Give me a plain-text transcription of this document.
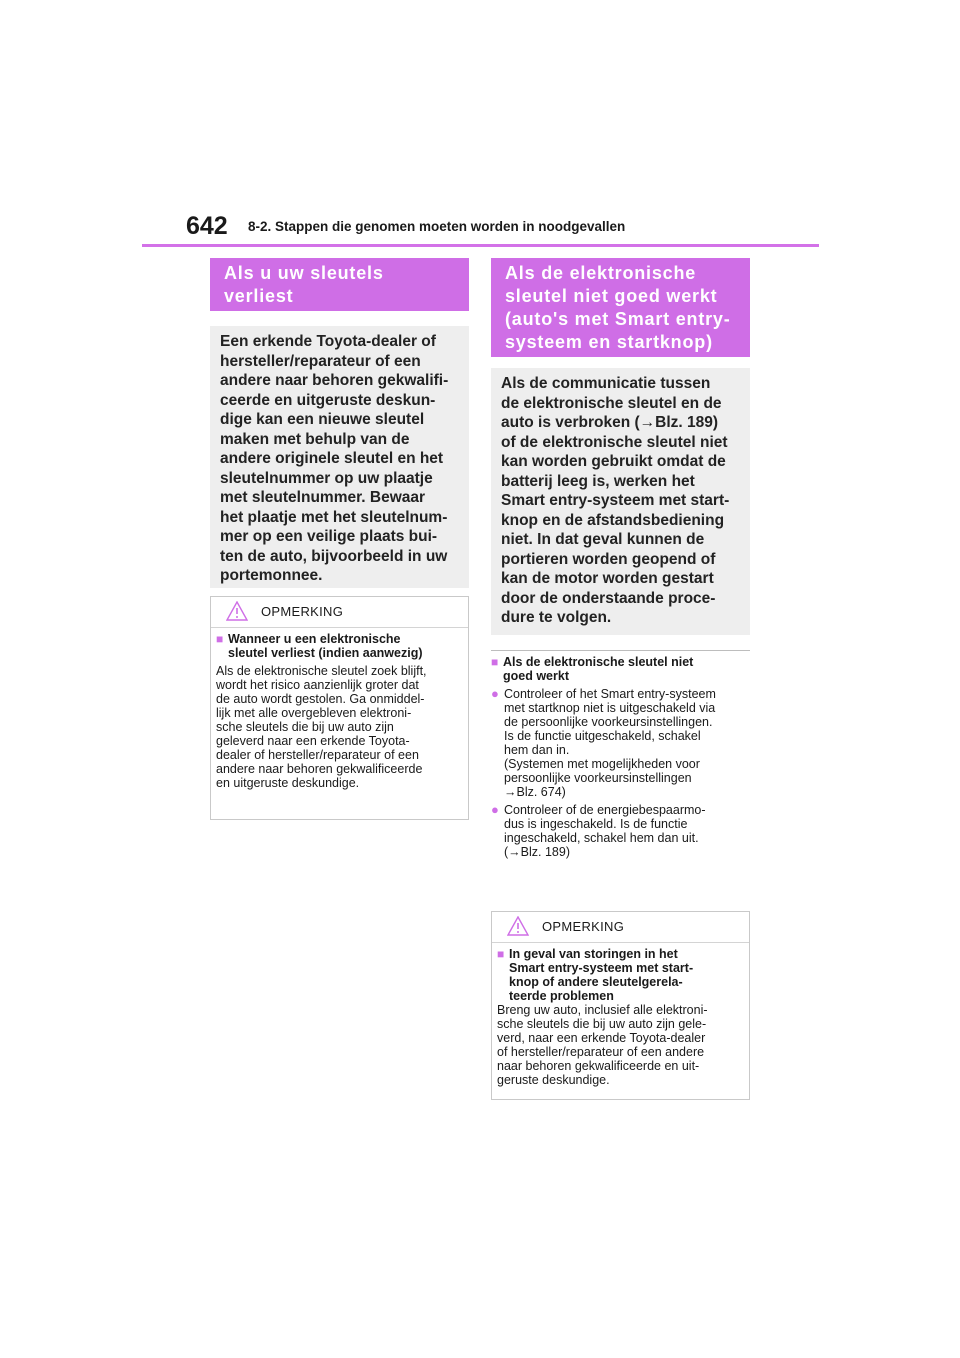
642 8-2. Stappen die genomen moeten worden in noodgevallen
Als u uw sleutels
verliest
Een erkende Toyota-dealer of
hersteller/reparateur of een
andere naar behoren gekwalifi-
ceerde en uitgeruste deskun-
dige kan een nieuwe sleutel
maken met behulp van de
andere originele sleutel en het
sleutelnummer op uw plaatje
met sleutelnummer. Bewaar
het plaatje met het sleutelnum-
mer op een veilige plaats bui-
ten de auto, bijvoorbeeld in uw
portemonnee.
OPMERKING
■ Wanneer u een elektronische
sleutel verliest (indien aanwezig)
Als de elektronische sleutel zoek blijft,
wordt het risico aanzienlijk groter dat
de auto wordt gestolen. Ga onmiddel-
lijk met alle overgebleven elektroni-
sche sleutels die bij uw auto zijn
geleverd naar een erkende Toyota-
dealer of hersteller/reparateur of een
andere naar behoren gekwalificeerde
en uitgeruste deskundige.
Als de elektronische
sleutel niet goed werkt
(auto's met Smart entry-
systeem en startknop)
Als de communicatie tussen
de elektronische sleutel en de
auto is verbroken (→Blz. 189)
of de elektronische sleutel niet
kan worden gebruikt omdat de
batterij leeg is, werken het
Smart entry-systeem met start-
knop en de afstandsbediening
niet. In dat geval kunnen de
portieren worden geopend of
kan de motor worden gestart
door de onderstaande proce-
dure te volgen.
■ Als de elektronische sleutel niet
goed werkt
● Controleer of het Smart entry-systeem
met startknop niet is uitgeschakeld via
de persoonlijke voorkeursinstellingen.
Is de functie uitgeschakeld, schakel
hem dan in.
(Systemen met mogelijkheden voor
persoonlijke voorkeursinstellingen
→Blz. 674)
● Controleer of de energiebespaarmo-
dus is ingeschakeld. Is de functie
ingeschakeld, schakel hem dan uit.
(→Blz. 189)
OPMERKING
■ In geval van storingen in het
Smart entry-systeem met start-
knop of andere sleutelgerela-
teerde problemen
Breng uw auto, inclusief alle elektroni-
sche sleutels die bij uw auto zijn gele-
verd, naar een erkende Toyota-dealer
of hersteller/reparateur of een andere
naar behoren gekwalificeerde en uit-
geruste deskundige.
